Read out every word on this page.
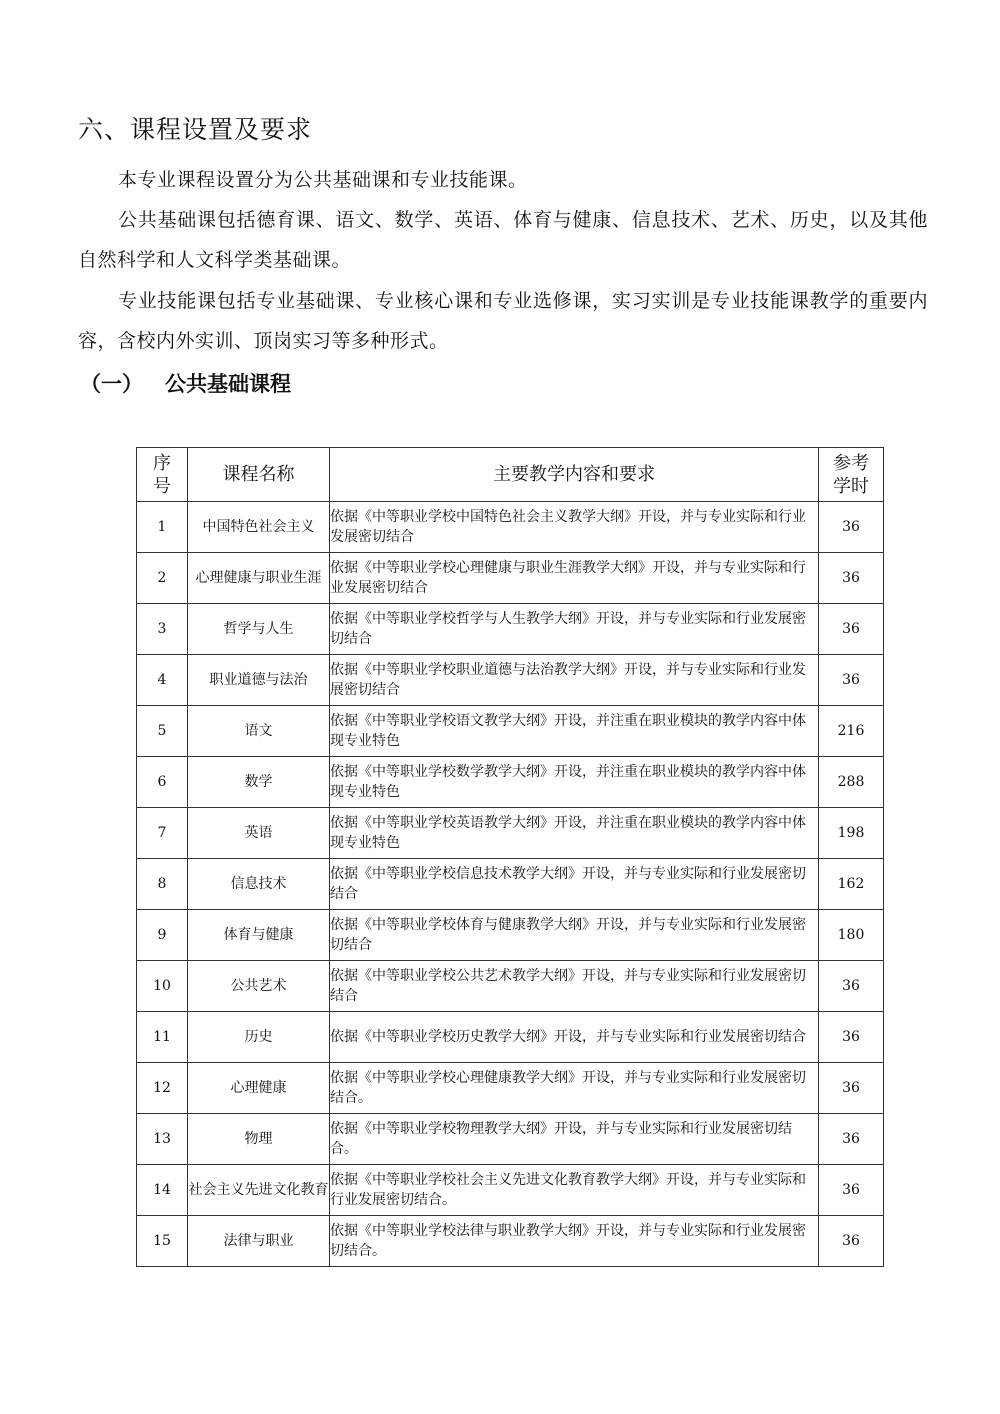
六、课程设置及要求

本专业课程设置分为公共基础课和专业技能课。

公共基础课包括德育课、语文、数学、英语、体育与健康、信息技术、艺术、历史，以及其他自然科学和人文科学类基础课。

专业技能课包括专业基础课、专业核心课和专业选修课，实习实训是专业技能课教学的重要内容，含校内外实训、顶岗实习等多种形式。

（一） 公共基础课程
序号	课程名称	主要教学内容和要求	参考学时
1	中国特色社会主义	依据《中等职业学校中国特色社会主义教学大纲》开设，并与专业实际和行业发展密切结合	36
2	心理健康与职业生涯	依据《中等职业学校心理健康与职业生涯教学大纲》开设，并与专业实际和行业发展密切结合	36
3	哲学与人生	依据《中等职业学校哲学与人生教学大纲》开设，并与专业实际和行业发展密切结合	36
4	职业道德与法治	依据《中等职业学校职业道德与法治教学大纲》开设，并与专业实际和行业发展密切结合	36
5	语文	依据《中等职业学校语文教学大纲》开设，并注重在职业模块的教学内容中体现专业特色	216
6	数学	依据《中等职业学校数学教学大纲》开设，并注重在职业模块的教学内容中体现专业特色	288
7	英语	依据《中等职业学校英语教学大纲》开设，并注重在职业模块的教学内容中体现专业特色	198
8	信息技术	依据《中等职业学校信息技术教学大纲》开设，并与专业实际和行业发展密切结合	162
9	体育与健康	依据《中等职业学校体育与健康教学大纲》开设，并与专业实际和行业发展密切结合	180
10	公共艺术	依据《中等职业学校公共艺术教学大纲》开设，并与专业实际和行业发展密切结合	36
11	历史	依据《中等职业学校历史教学大纲》开设，并与专业实际和行业发展密切结合	36
12	心理健康	依据《中等职业学校心理健康教学大纲》开设，并与专业实际和行业发展密切结合。	36
13	物理	依据《中等职业学校物理教学大纲》开设，并与专业实际和行业发展密切结合。	36
14	社会主义先进文化教育	依据《中等职业学校社会主义先进文化教育教学大纲》开设，并与专业实际和行业发展密切结合。	36
15	法律与职业	依据《中等职业学校法律与职业教学大纲》开设，并与专业实际和行业发展密切结合。	36
